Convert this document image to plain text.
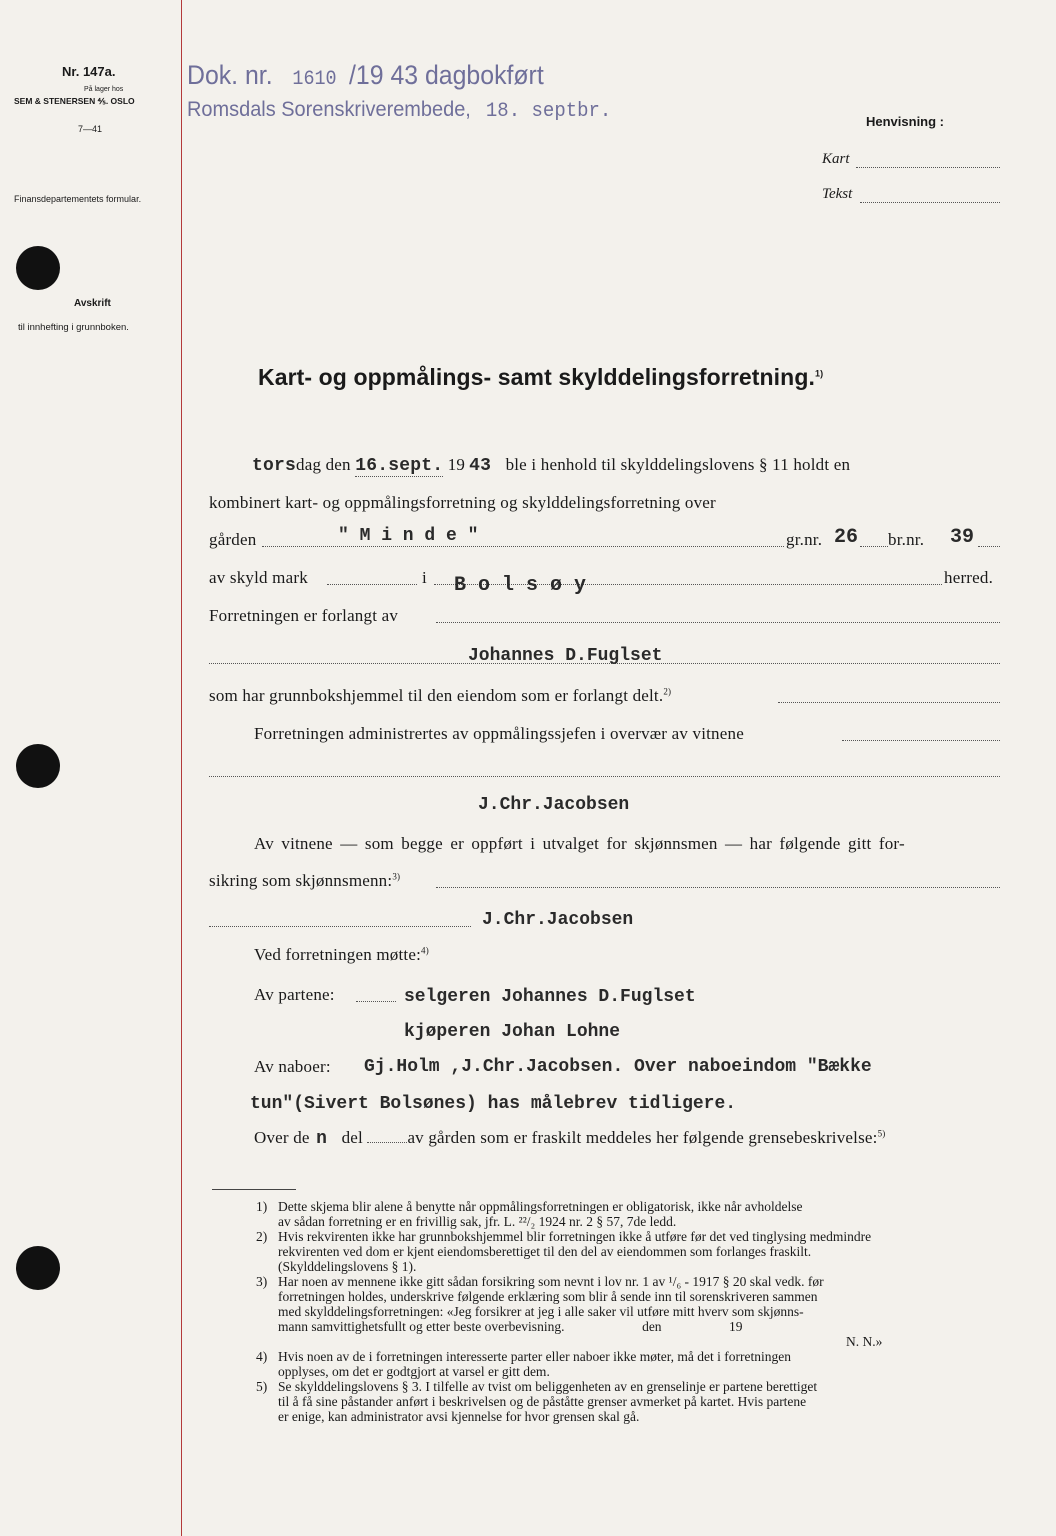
Nr. 147a.
På lager hos
SEM & STENERSEN ⅘. OSLO
7—41
Finansdepartementets formular.
Avskrift
til innhefting i grunnboken.
Dok. nr. 1610 /19 43 dagbokført
Romsdals Sorenskriverembede, 18. septbr.	Henvisning :
Kart
Tekst
Kart- og oppmålings- samt skylddelingsforretning.$^{1)}$
torsdag den 16.sept. 19 43 ble i henhold til skylddelingslovens § 11 holdt en
kombinert kart- og oppmålingsforretning og skylddelingsforretning over
gården	" M i n d e "	gr.nr. 26 br.nr. 39
av skyld mark	i B o l s ø y	herred.
Forretningen er forlangt av
Johannes D.Fuglset
som har grunnbokshjemmel til den eiendom som er forlangt delt.$^{2)}$
Forretningen administrertes av oppmålingssjefen i overvær av vitnene
J.Chr.Jacobsen
Av vitnene — som begge er oppført i utvalget for skjønnsmen — har følgende gitt for-
sikring som skjønnsmenn:$^{3)}$
J.Chr.Jacobsen
Ved forretningen møtte:$^{4)}$
Av partene:	selgeren Johannes D.Fuglset
kjøperen Johan Lohne
Av naboer: Gj.Holm ,J.Chr.Jacobsen. Over naboeindom "Bække
tun"(Sivert Bolsønes) has målebrev tidligere.
Over de n del	av gården som er fraskilt meddeles her følgende grensebeskrivelse:$^{5)}$
1) Dette skjema blir alene å benytte når oppmålingsforretningen er obligatorisk, ikke når avholdelse
av sådan forretning er en frivillig sak, jfr. L. ²²/₂ 1924 nr. 2 § 57, 7de ledd.
2) Hvis rekvirenten ikke har grunnbokshjemmel blir forretningen ikke å utføre før det ved tinglysing medmindre
rekvirenten ved dom er kjent eiendomsberettiget til den del av eiendommen som forlanges fraskilt.
(Skylddelingslovens § 1).
3) Har noen av mennene ikke gitt sådan forsikring som nevnt i lov nr. 1 av ¹/₆ - 1917 § 20 skal vedk. før
forretningen holdes, underskrive følgende erklæring som blir å sende inn til sorenskriveren sammen
med skylddelingsforretningen: «Jeg forsikrer at jeg i alle saker vil utføre mitt hverv som skjønns-
mann samvittighetsfullt og etter beste overbevisning.                       den                    19
N. N.»
4) Hvis noen av de i forretningen interesserte parter eller naboer ikke møter, må det i forretningen
opplyses, om det er godtgjort at varsel er gitt dem.
5) Se skylddelingslovens § 3. I tilfelle av tvist om beliggenheten av en grenselinje er partene berettiget
til å få sine påstander anført i beskrivelsen og de påståtte grenser avmerket på kartet. Hvis partene
er enige, kan administrator avsi kjennelse for hvor grensen skal gå.
